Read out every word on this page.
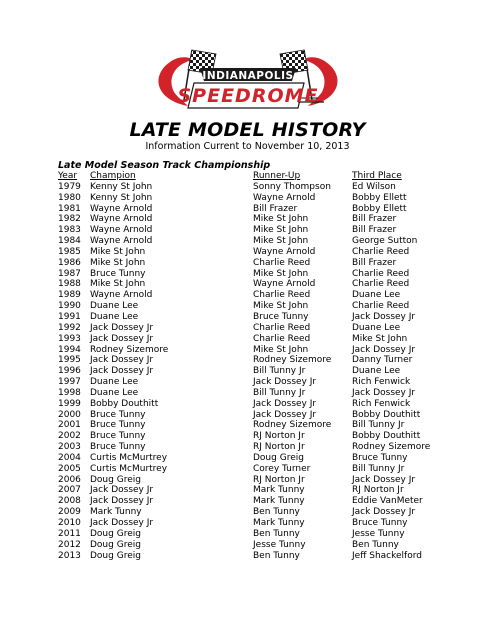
INDIANAPOLIS
SPEEDROME
LATE MODEL HISTORY
Information Current to November 10, 2013
Late Model Season Track Championship
Year	Champion	Runner-Up	Third Place
1979	Kenny St John	Sonny Thompson	Ed Wilson
1980	Kenny St John	Wayne Arnold	Bobby Ellett
1981	Wayne Arnold	Bill Frazer	Bobby Ellett
1982	Wayne Arnold	Mike St John	Bill Frazer
1983	Wayne Arnold	Mike St John	Bill Frazer
1984	Wayne Arnold	Mike St John	George Sutton
1985	Mike St John	Wayne Arnold	Charlie Reed
1986	Mike St John	Charlie Reed	Bill Frazer
1987	Bruce Tunny	Mike St John	Charlie Reed
1988	Mike St John	Wayne Arnold	Charlie Reed
1989	Wayne Arnold	Charlie Reed	Duane Lee
1990	Duane Lee	Mike St John	Charlie Reed
1991	Duane Lee	Bruce Tunny	Jack Dossey Jr
1992	Jack Dossey Jr	Charlie Reed	Duane Lee
1993	Jack Dossey Jr	Charlie Reed	Mike St John
1994	Rodney Sizemore	Mike St John	Jack Dossey Jr
1995	Jack Dossey Jr	Rodney Sizemore	Danny Turner
1996	Jack Dossey Jr	Bill Tunny Jr	Duane Lee
1997	Duane Lee	Jack Dossey Jr	Rich Fenwick
1998	Duane Lee	Bill Tunny Jr	Jack Dossey Jr
1999	Bobby Douthitt	Jack Dossey Jr	Rich Fenwick
2000	Bruce Tunny	Jack Dossey Jr	Bobby Douthitt
2001	Bruce Tunny	Rodney Sizemore	Bill Tunny Jr
2002	Bruce Tunny	RJ Norton Jr	Bobby Douthitt
2003	Bruce Tunny	RJ Norton Jr	Rodney Sizemore
2004	Curtis McMurtrey	Doug Greig	Bruce Tunny
2005	Curtis McMurtrey	Corey Turner	Bill Tunny Jr
2006	Doug Greig	RJ Norton Jr	Jack Dossey Jr
2007	Jack Dossey Jr	Mark Tunny	RJ Norton Jr
2008	Jack Dossey Jr	Mark Tunny	Eddie VanMeter
2009	Mark Tunny	Ben Tunny	Jack Dossey Jr
2010	Jack Dossey Jr	Mark Tunny	Bruce Tunny
2011	Doug Greig	Ben Tunny	Jesse Tunny
2012	Doug Greig	Jesse Tunny	Ben Tunny
2013	Doug Greig	Ben Tunny	Jeff Shackelford
